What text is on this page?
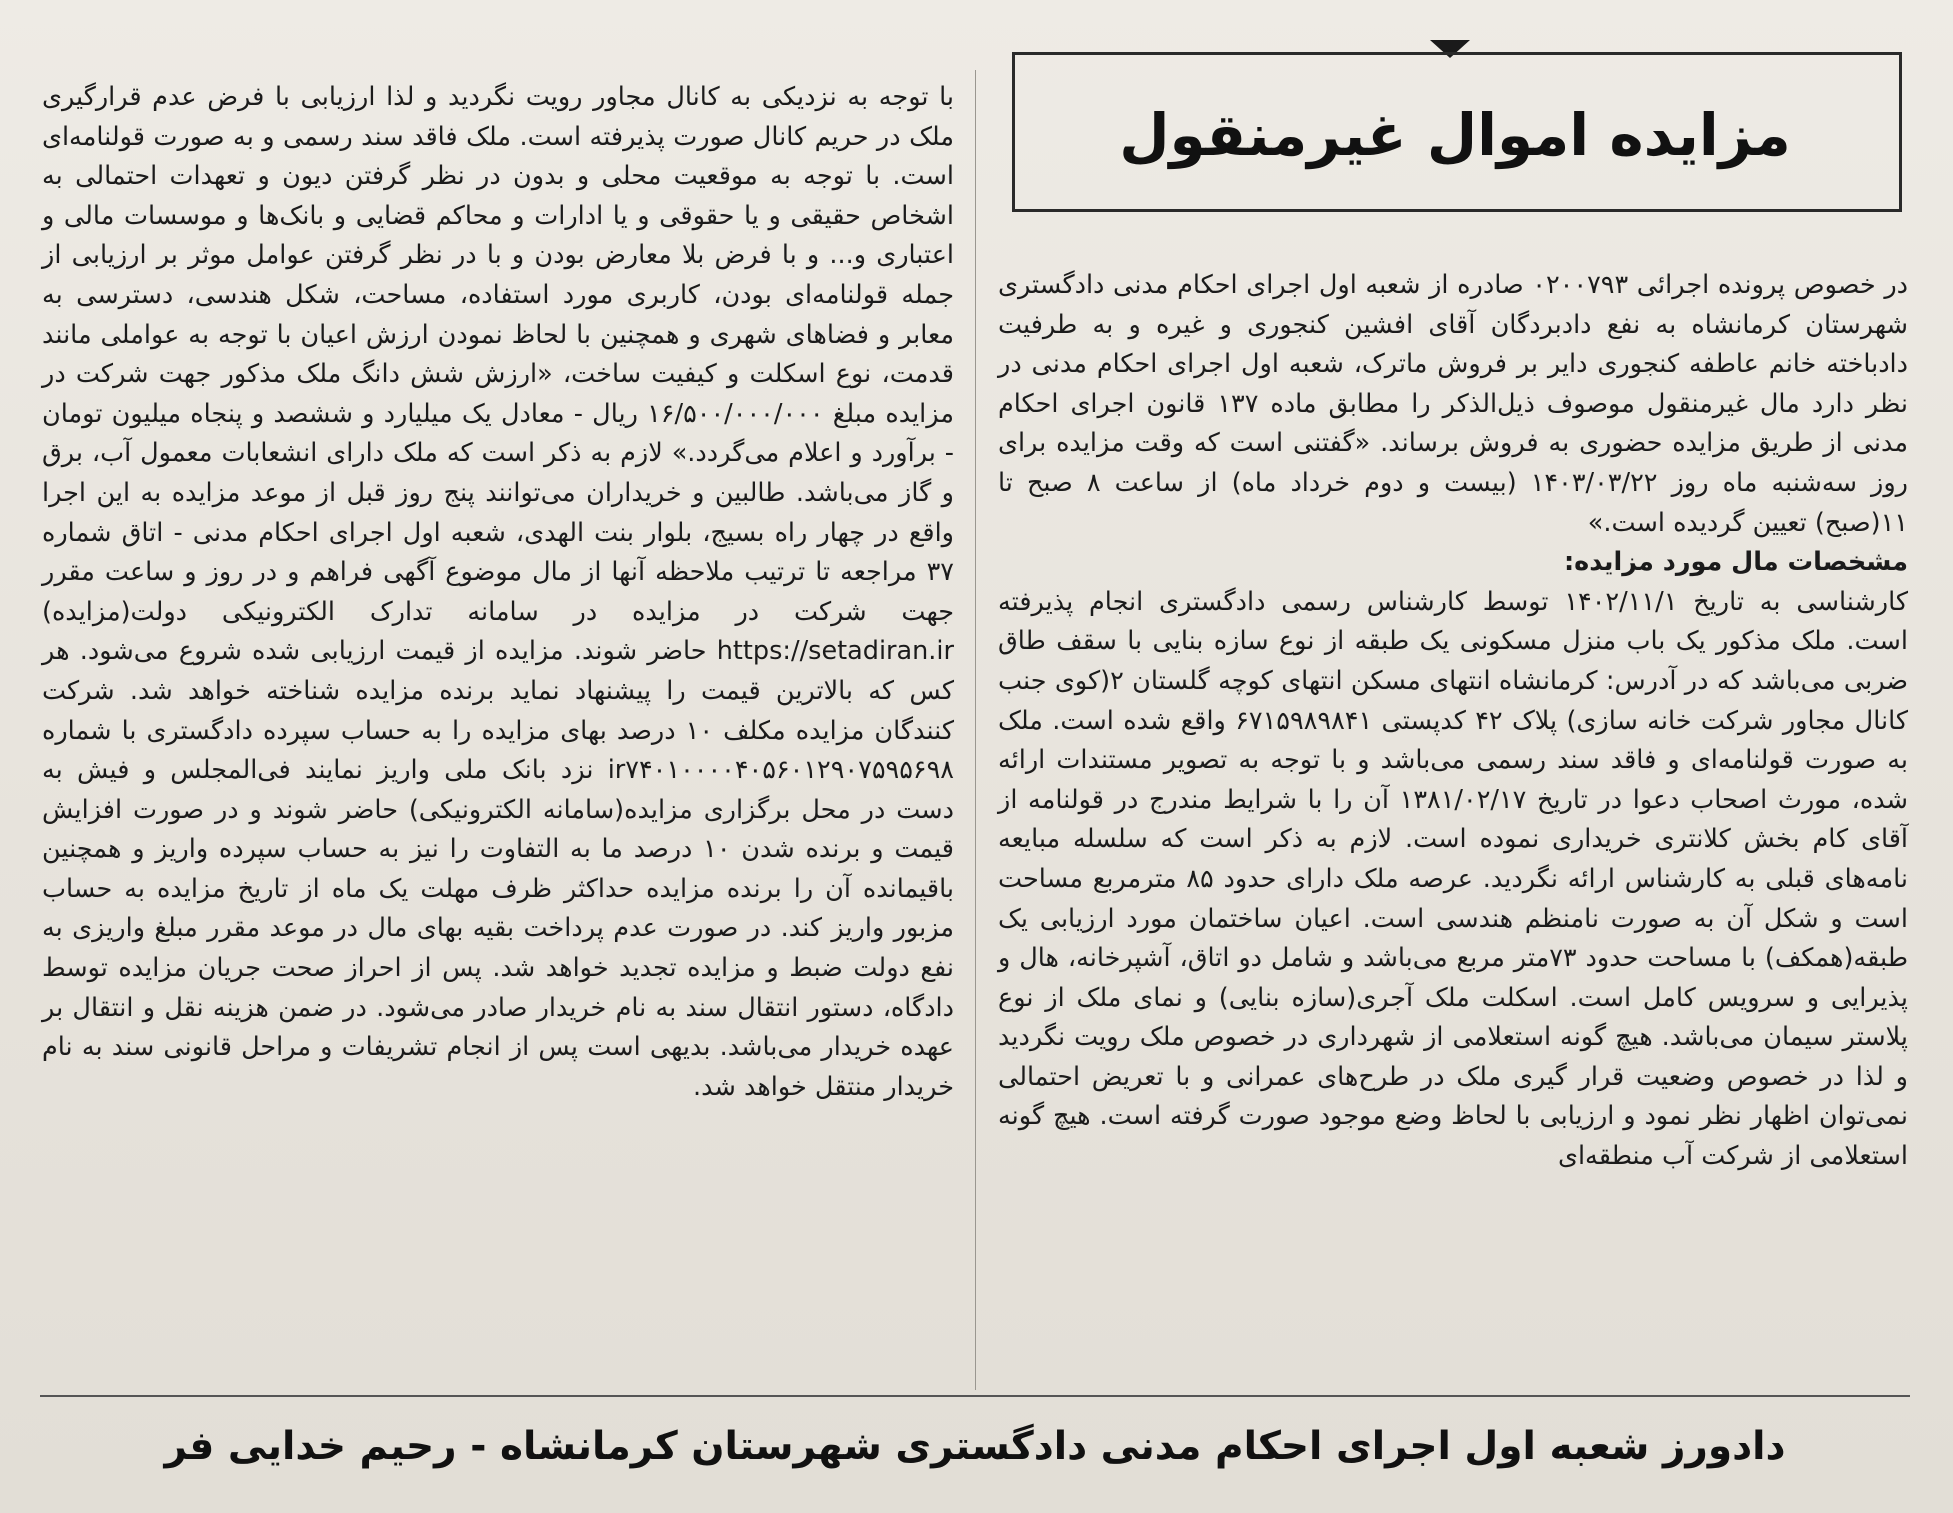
مزایده اموال غیرمنقول

در خصوص پرونده اجرائی ۰۲۰۰۷۹۳ صادره از شعبه اول اجرای احکام مدنی دادگستری شهرستان کرمانشاه به نفع دادبردگان آقای افشین کنجوری و غیره و به طرفیت دادباخته خانم عاطفه کنجوری دایر بر فروش ماترک، شعبه اول اجرای احکام مدنی در نظر دارد مال غیرمنقول موصوف ذیل‌الذکر را مطابق ماده ۱۳۷ قانون اجرای احکام مدنی از طریق مزایده حضوری به فروش برساند. «گفتنی است که وقت مزایده برای روز سه‌شنبه ماه روز ۱۴۰۳/۰۳/۲۲ (بیست و دوم خرداد ماه) از ساعت ۸ صبح تا ۱۱(صبح) تعیین گردیده است.»

مشخصات مال مورد مزایده:

کارشناسی به تاریخ ۱۴۰۲/۱۱/۱ توسط کارشناس رسمی دادگستری انجام پذیرفته است. ملک مذکور یک باب منزل مسکونی یک طبقه از نوع سازه بنایی با سقف طاق ضربی می‌باشد که در آدرس: کرمانشاه انتهای مسکن انتهای کوچه گلستان ۲(کوی جنب کانال مجاور شرکت خانه سازی) پلاک ۴۲ کدپستی ۶۷۱۵۹۸۹۸۴۱ واقع شده است. ملک به صورت قولنامه‌ای و فاقد سند رسمی می‌باشد و با توجه به تصویر مستندات ارائه شده، مورث اصحاب دعوا در تاریخ ۱۳۸۱/۰۲/۱۷ آن را با شرایط مندرج در قولنامه از آقای کام بخش کلانتری خریداری نموده است. لازم به ذکر است که سلسله مبایعه نامه‌های قبلی به کارشناس ارائه نگردید. عرصه ملک دارای حدود ۸۵ مترمربع مساحت است و شکل آن به صورت نامنظم هندسی است. اعیان ساختمان مورد ارزیابی یک طبقه(همکف) با مساحت حدود ۷۳متر مربع می‌باشد و شامل دو اتاق، آشپرخانه، هال و پذیرایی و سرویس کامل است. اسکلت ملک آجری(سازه بنایی) و نمای ملک از نوع پلاستر سیمان می‌باشد. هیچ گونه استعلامی از شهرداری در خصوص ملک رویت نگردید و لذا در خصوص وضعیت قرار گیری ملک در طرح‌های عمرانی و با تعریض احتمالی نمی‌توان اظهار نظر نمود و ارزیابی با لحاظ وضع موجود صورت گرفته است. هیچ گونه استعلامی از شرکت آب منطقه‌ای

با توجه به نزدیکی به کانال مجاور رویت نگردید و لذا ارزیابی با فرض عدم قرارگیری ملک در حریم کانال صورت پذیرفته است. ملک فاقد سند رسمی و به صورت قولنامه‌ای است. با توجه به موقعیت محلی و بدون در نظر گرفتن دیون و تعهدات احتمالی به اشخاص حقیقی و یا حقوقی و یا ادارات و محاکم قضایی و بانک‌ها و موسسات مالی و اعتباری و... و با فرض بلا معارض بودن و با در نظر گرفتن عوامل موثر بر ارزیابی از جمله قولنامه‌ای بودن، کاربری مورد استفاده، مساحت، شکل هندسی، دسترسی به معابر و فضاهای شهری و همچنین با لحاظ نمودن ارزش اعیان با توجه به عواملی مانند قدمت، نوع اسکلت و کیفیت ساخت، «ارزش شش دانگ ملک مذکور جهت شرکت در مزایده مبلغ ۱۶/۵۰۰/۰۰۰/۰۰۰ ریال - معادل یک میلیارد و ششصد و پنجاه میلیون تومان - برآورد و اعلام می‌گردد.» لازم به ذکر است که ملک دارای انشعابات معمول آب، برق و گاز می‌باشد. طالبین و خریداران می‌توانند پنج روز قبل از موعد مزایده به این اجرا واقع در چهار راه بسیج، بلوار بنت الهدی، شعبه اول اجرای احکام مدنی - اتاق شماره ۳۷ مراجعه تا ترتیب ملاحظه آنها از مال موضوع آگهی فراهم و در روز و ساعت مقرر جهت شرکت در مزایده در سامانه تدارک الکترونیکی دولت(مزایده) https://setadiran.ir حاضر شوند. مزایده از قیمت ارزیابی شده شروع می‌شود. هر کس که بالاترین قیمت را پیشنهاد نماید برنده مزایده شناخته خواهد شد. شرکت کنندگان مزایده مکلف ۱۰ درصد بهای مزایده را به حساب سپرده دادگستری با شماره ir۷۴۰۱۰۰۰۰۴۰۵۶۰۱۲۹۰۷۵۹۵۶۹۸ نزد بانک ملی واریز نمایند فی‌المجلس و فیش به دست در محل برگزاری مزایده(سامانه الکترونیکی) حاضر شوند و در صورت افزایش قیمت و برنده شدن ۱۰ درصد ما به التفاوت را نیز به حساب سپرده واریز و همچنین باقیمانده آن را برنده مزایده حداکثر ظرف مهلت یک ماه از تاریخ مزایده به حساب مزبور واریز کند. در صورت عدم پرداخت بقیه بهای مال در موعد مقرر مبلغ واریزی به نفع دولت ضبط و مزایده تجدید خواهد شد. پس از احراز صحت جریان مزایده توسط دادگاه، دستور انتقال سند به نام خریدار صادر می‌شود. در ضمن هزینه نقل و انتقال بر عهده خریدار می‌باشد. بدیهی است پس از انجام تشریفات و مراحل قانونی سند به نام خریدار منتقل خواهد شد.

دادورز شعبه اول اجرای احکام مدنی دادگستری شهرستان کرمانشاه - رحیم خدایی فر
